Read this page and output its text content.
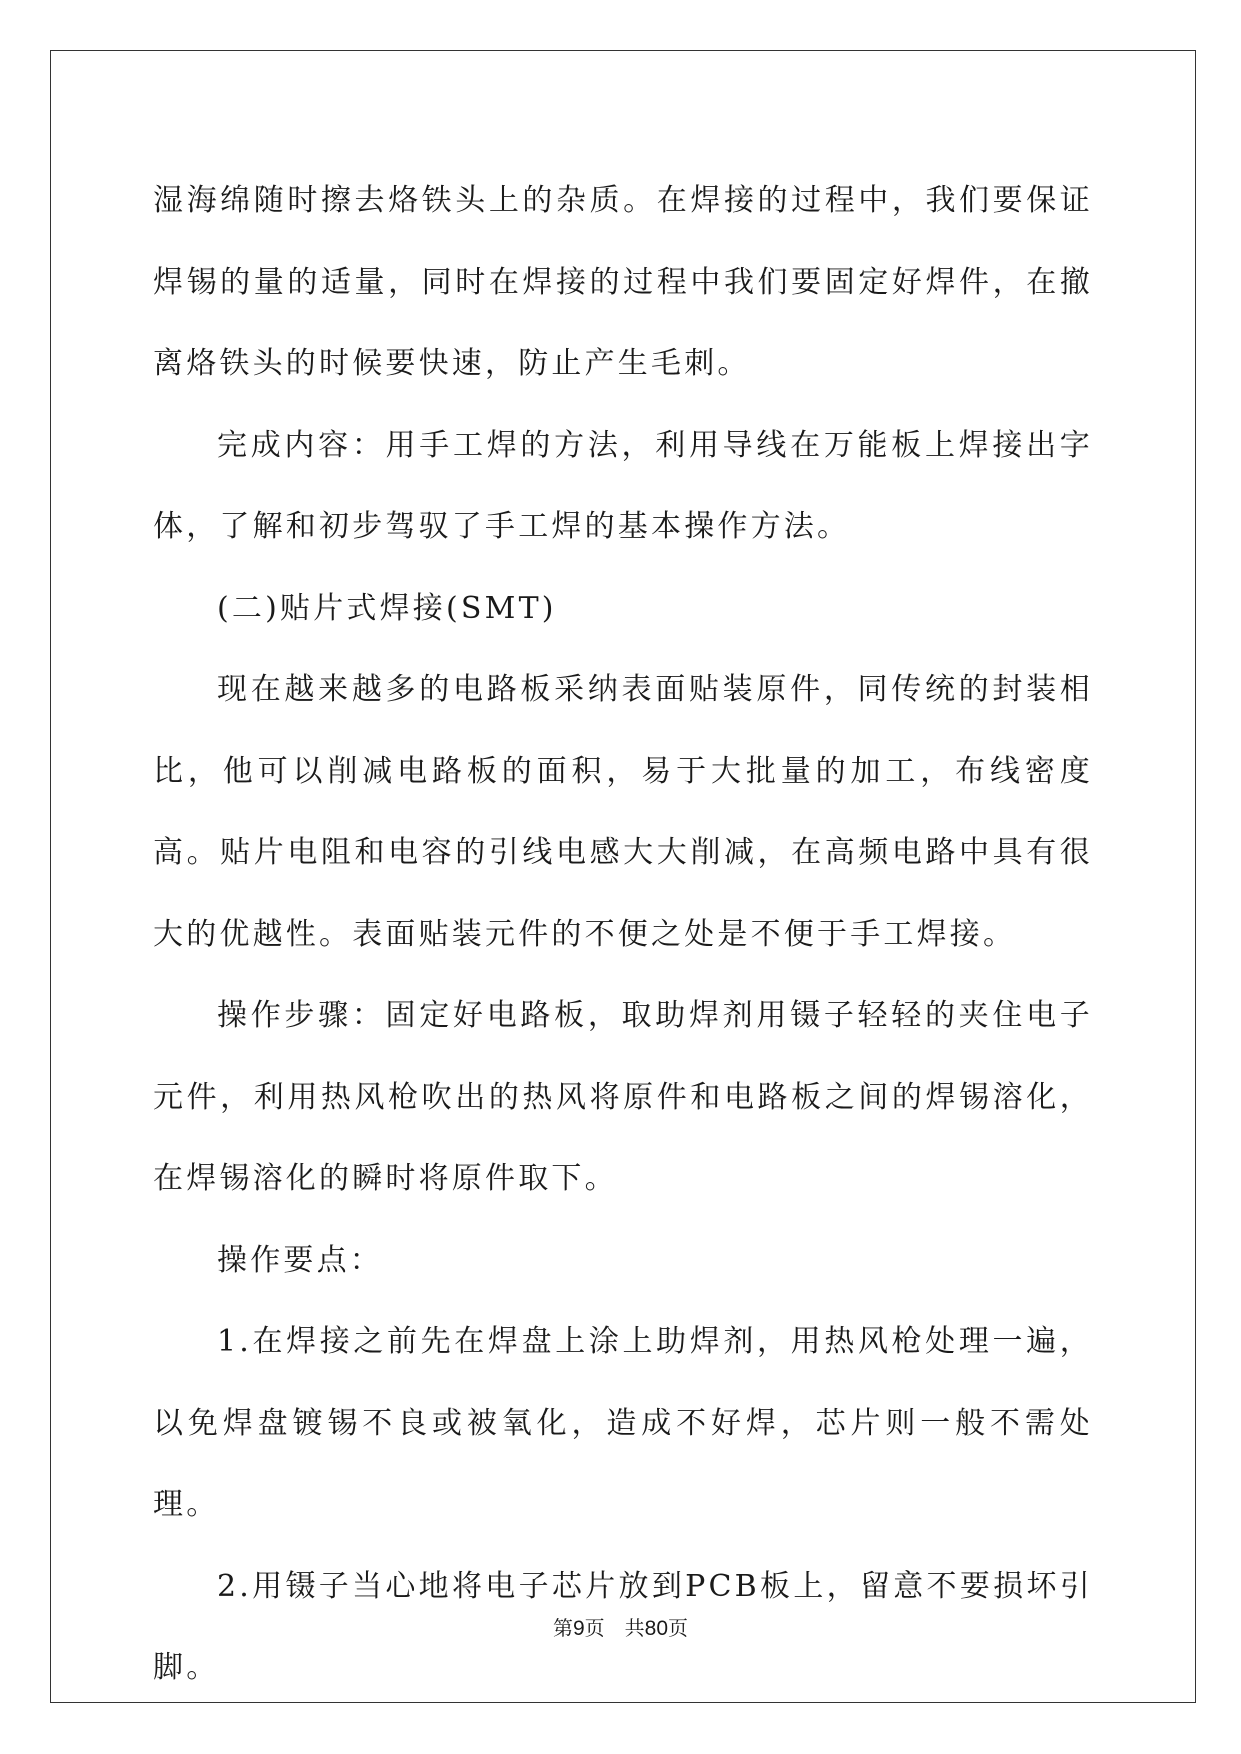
湿海绵随时擦去烙铁头上的杂质。在焊接的过程中，我们要保证焊锡的量的适量，同时在焊接的过程中我们要固定好焊件，在撤离烙铁头的时候要快速，防止产生毛刺。

完成内容：用手工焊的方法，利用导线在万能板上焊接出字体，了解和初步驾驭了手工焊的基本操作方法。

(二)贴片式焊接(SMT)

现在越来越多的电路板采纳表面贴装原件，同传统的封装相比，他可以削减电路板的面积，易于大批量的加工，布线密度高。贴片电阻和电容的引线电感大大削减，在高频电路中具有很大的优越性。表面贴装元件的不便之处是不便于手工焊接。

操作步骤：固定好电路板，取助焊剂用镊子轻轻的夹住电子元件，利用热风枪吹出的热风将原件和电路板之间的焊锡溶化，在焊锡溶化的瞬时将原件取下。

操作要点：

1.在焊接之前先在焊盘上涂上助焊剂，用热风枪处理一遍，以免焊盘镀锡不良或被氧化，造成不好焊，芯片则一般不需处理。

2.用镊子当心地将电子芯片放到PCB板上，留意不要损坏引脚。

第9页 共80页
